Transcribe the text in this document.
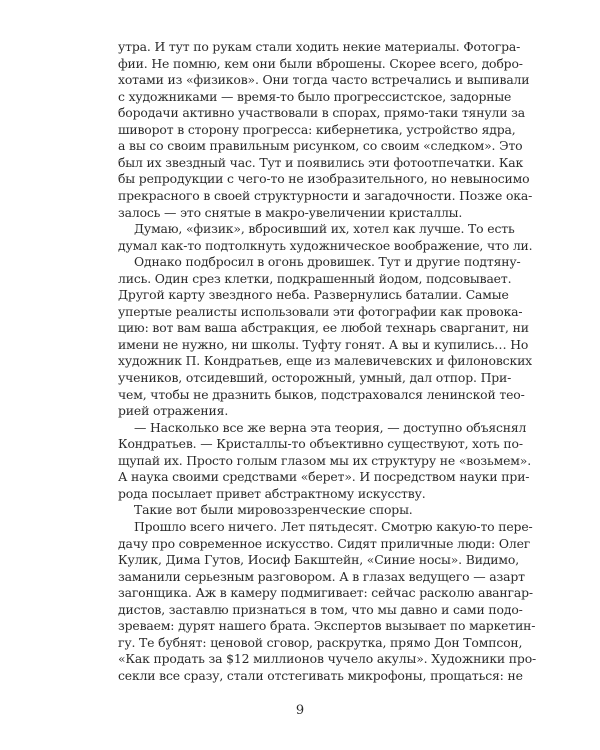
утра. И тут по рукам стали ходить некие материалы. Фотогра-
фии. Не помню, кем они были вброшены. Скорее всего, добро-
хотами из «физиков». Они тогда часто встречались и выпивали
с художниками — время-то было прогрессистское, задорные
бородачи активно участвовали в спорах, прямо-таки тянули за
шиворот в сторону прогресса: кибернетика, устройство ядра,
а вы со своим правильным рисунком, со своим «следком». Это
был их звездный час. Тут и появились эти фотоотпечатки. Как
бы репродукции с чего-то не изобразительного, но невыносимо
прекрасного в своей структурности и загадочности. Позже ока-
залось — это снятые в макро-увеличении кристаллы.
Думаю, «физик», вбросивший их, хотел как лучше. То есть
думал как-то подтолкнуть художническое воображение, что ли.
Однако подбросил в огонь дровишек. Тут и другие подтяну-
лись. Один срез клетки, подкрашенный йодом, подсовывает.
Другой карту звездного неба. Развернулись баталии. Самые
упертые реалисты использовали эти фотографии как провока-
цию: вот вам ваша абстракция, ее любой технарь сварганит, ни
имени не нужно, ни школы. Туфту гонят. А вы и купились… Но
художник П. Кондратьев, еще из малевичевских и филоновских
учеников, отсидевший, осторожный, умный, дал отпор. При-
чем, чтобы не дразнить быков, подстраховался ленинской тео-
рией отражения.
— Насколько все же верна эта теория, — доступно объяснял
Кондратьев. — Кристаллы-то объективно существуют, хоть по-
щупай их. Просто голым глазом мы их структуру не «возьмем».
А наука своими средствами «берет». И посредством науки при-
рода посылает привет абстрактному искусству.
Такие вот были мировоззренческие споры.
Прошло всего ничего. Лет пятьдесят. Смотрю какую-то пере-
дачу про современное искусство. Сидят приличные люди: Олег
Кулик, Дима Гутов, Иосиф Бакштейн, «Синие носы». Видимо,
заманили серьезным разговором. А в глазах ведущего — азарт
загонщика. Аж в камеру подмигивает: сейчас расколю авангар-
дистов, заставлю признаться в том, что мы давно и сами подо-
зреваем: дурят нашего брата. Экспертов вызывает по маркетин-
гу. Те бубнят: ценовой сговор, раскрутка, прямо Дон Томпсон,
«Как продать за $12 миллионов чучело акулы». Художники про-
секли все сразу, стали отстегивать микрофоны, прощаться: не
9
